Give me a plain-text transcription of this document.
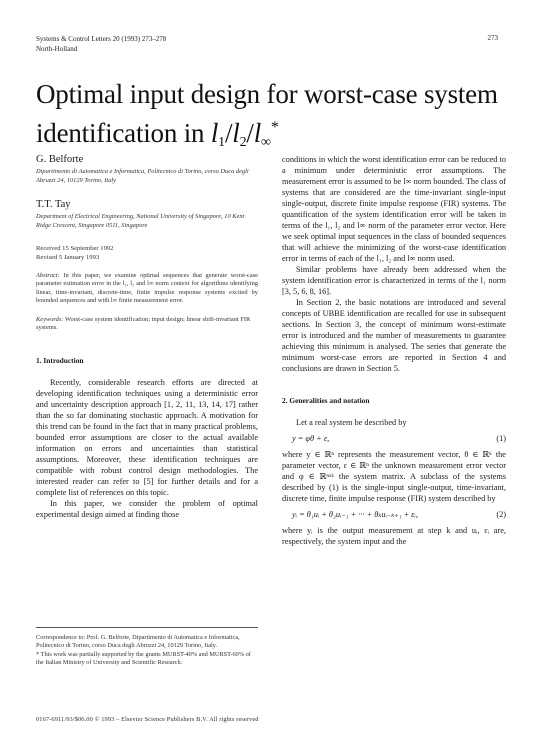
Systems & Control Letters 20 (1993) 273–278
North-Holland
273
Optimal input design for worst-case system
identification in $l_1/l_2/l_\infty^*$
G. Belforte
Dipartimento di Automatica e Informatica, Politecnico di Torino, corso Duca degli Abruzzi 24, 10129 Torino, Italy
T.T. Tay
Department of Electrical Engineering, National University of Singapore, 10 Kent Ridge Crescent, Singapore 0511, Singapore
Received 15 September 1992
Revised 5 January 1993
Abstract: In this paper, we examine optimal sequences that generate worst-case parameter estimation error in the l₁, l₂ and l∞ norm context for algorithms identifying linear, time-invariant, discrete-time, finite impulse response systems excited by bounded sequences and with l∞ finite measurement error.
Keywords: Worst-case system identification; input design; linear shift-invariant FIR systems.
1. Introduction

Recently, considerable research efforts are directed at developing identification techniques using a deterministic error and uncertainty description approach [1, 2, 11, 13, 14, 17] rather than the so far dominating stochastic approach. A motivation for this trend can be found in the fact that in many practical problems, bounded error assumptions are closer to the actual available information on errors and uncertainties than statistical assumptions. Moreover, these identification techniques are compatible with robust control design methodologies. The interested reader can refer to [5] for further details and for a complete list of references on this topic.

In this paper, we consider the problem of optimal experimental design aimed at finding those

Correspondence to: Prof. G. Belforte, Dipartimento di Automatica e Informatica, Politecnico di Torino, corso Duca degli Abruzzi 24, 10129 Torino, Italy.

* This work was partially supported by the grants MURST-40% and MURST-60% of the Italian Ministry of University and Scientific Research.

conditions in which the worst identification error can be reduced to a minimum under deterministic error assumptions. The measurement error is assumed to be l∞ norm bounded. The class of systems that are considered are the time-invariant single-input single-output, discrete finite impulse response (FIR) systems. The quantification of the system identification error will be taken in terms of the l₁, l₂ and l∞ norm of the parameter error vector. Here we seek optimal input sequences in the class of bounded sequences that will achieve the minimizing of the worst-case identification error in terms of each of the l₁, l₂ and l∞ norm used.

Similar problems have already been addressed when the system identification error is characterized in terms of the l₁ norm [3, 5, 6, 8, 16].

In Section 2, the basic notations are introduced and several concepts of UBBE identification are recalled for use in subsequent sections. In Section 3, the concept of minimum worst-estimate error is introduced and the number of measurements to guarantee achieving this minimum is analysed. The series that generate the minimum worst-case errors are reported in Section 4 and conclusions are drawn in Section 5.

2. Generalities and notation

Let a real system be described by

y = φθ + ε,	(1)

where y ∈ ℝⁿ represents the measurement vector, θ ∈ ℝᵏ the parameter vector, ε ∈ ℝⁿ the unknown measurement error vector and φ ∈ ℝⁿˣᵏ the system matrix. A subclass of the systems described by (1) is the single-input single-output, time-invariant, discrete time, finite impulse response (FIR) system described by

yᵢ = θ₁uᵢ + θ₂uᵢ₋₁ + ··· + θₖuᵢ₋ₖ₊₁ + εᵢ,	(2)

where yᵢ is the output measurement at step k and uᵢ, εᵢ are, respectively, the system input and the

0167-6911/93/$06.00 © 1993 – Elsevier Science Publishers B.V. All rights reserved
